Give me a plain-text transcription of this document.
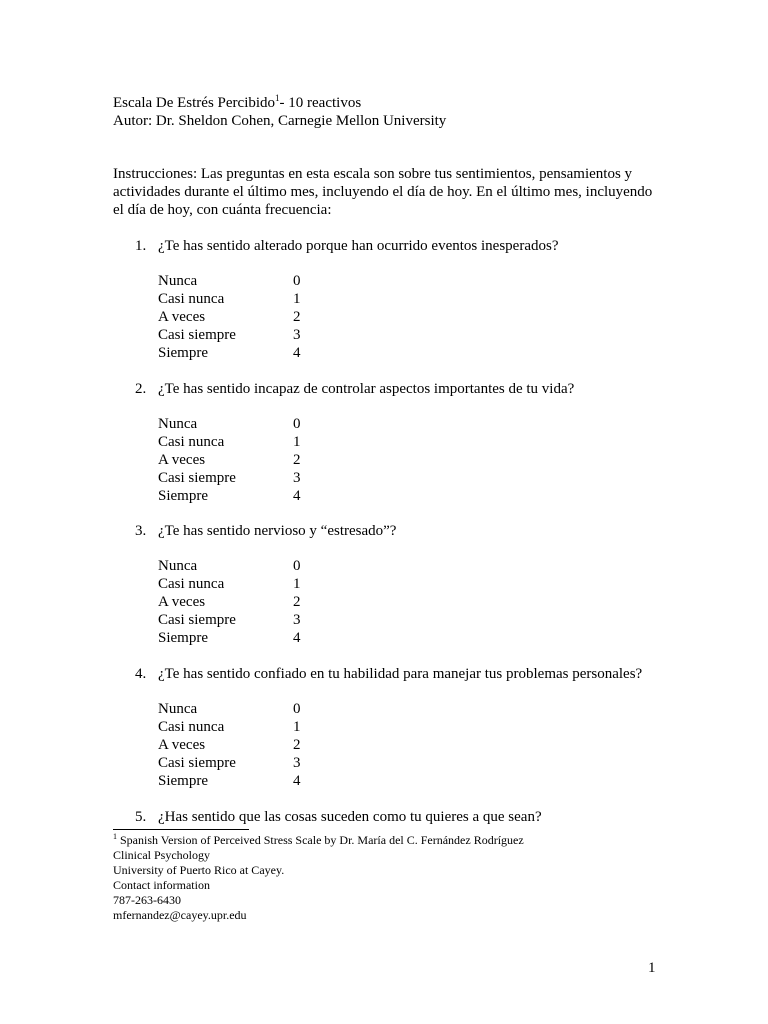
Escala De Estrés Percibido$^1$- 10 reactivos
Autor: Dr. Sheldon Cohen, Carnegie Mellon University
Instrucciones: Las preguntas en esta escala son sobre tus sentimientos, pensamientos y actividades durante el último mes, incluyendo el día de hoy. En el último mes, incluyendo el día de hoy, con cuánta frecuencia:
1. ¿Te has sentido alterado porque han ocurrido eventos inesperados?
Nunca	0
Casi nunca	1
A veces	2
Casi siempre	3
Siempre	4
2. ¿Te has sentido incapaz de controlar aspectos importantes de tu vida?
Nunca	0
Casi nunca	1
A veces	2
Casi siempre	3
Siempre	4
3. ¿Te has sentido nervioso y “estresado”?
Nunca	0
Casi nunca	1
A veces	2
Casi siempre	3
Siempre	4
4. ¿Te has sentido confiado en tu habilidad para manejar tus problemas personales?
Nunca	0
Casi nunca	1
A veces	2
Casi siempre	3
Siempre	4
5. ¿Has sentido que las cosas suceden como tu quieres a que sean?
$^1$ Spanish Version of Perceived Stress Scale by Dr. María del C. Fernández Rodríguez
Clinical Psychology
University of Puerto Rico at Cayey.
Contact information
787-263-6430
mfernandez@cayey.upr.edu
1
